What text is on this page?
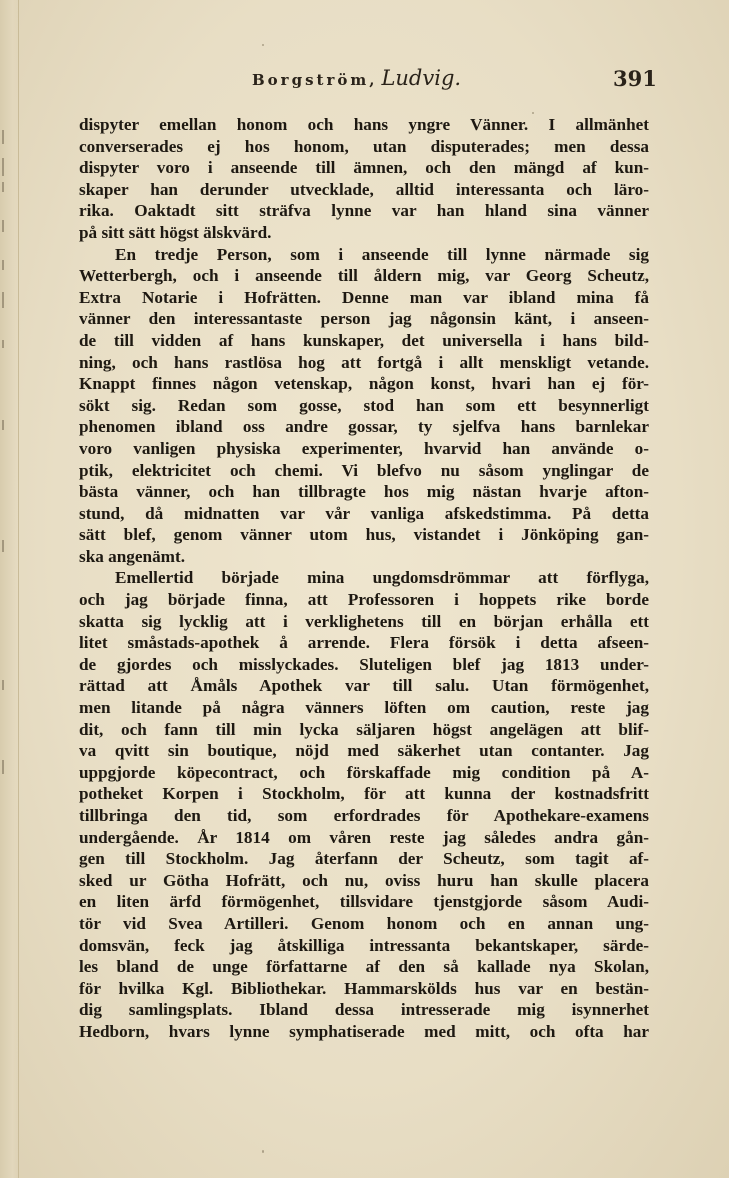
Borgström, Ludvig.	391
dispyter emellan honom och hans yngre Vänner. I allmänhet
converserades ej hos honom, utan disputerades; men dessa
dispyter voro i anseende till ämnen, och den mängd af kun-
skaper han derunder utvecklade, alltid interessanta och läro-
rika. Oaktadt sitt sträfva lynne var han hland sina vänner
på sitt sätt högst älskvärd.
En tredje Person, som i anseende till lynne närmade sig
Wetterbergh, och i anseende till åldern mig, var Georg Scheutz,
Extra Notarie i Hofrätten. Denne man var ibland mina få
vänner den interessantaste person jag någonsin känt, i anseen-
de till vidden af hans kunskaper, det universella i hans bild-
ning, och hans rastlösa hog att fortgå i allt menskligt vetande.
Knappt finnes någon vetenskap, någon konst, hvari han ej för-
sökt sig. Redan som gosse, stod han som ett besynnerligt
phenomen ibland oss andre gossar, ty sjelfva hans barnlekar
voro vanligen physiska experimenter, hvarvid han använde o-
ptik, elektricitet och chemi. Vi blefvo nu såsom ynglingar de
bästa vänner, och han tillbragte hos mig nästan hvarje afton-
stund, då midnatten var vår vanliga afskedstimma. På detta
sätt blef, genom vänner utom hus, vistandet i Jönköping gan-
ska angenämt.
Emellertid började mina ungdomsdrömmar att förflyga,
och jag började finna, att Professoren i hoppets rike borde
skatta sig lycklig att i verklighetens till en början erhålla ett
litet småstads-apothek å arrende. Flera försök i detta afseen-
de gjordes och misslyckades. Sluteligen blef jag 1813 under-
rättad att Åmåls Apothek var till salu. Utan förmögenhet,
men litande på några vänners löften om caution, reste jag
dit, och fann till min lycka säljaren högst angelägen att blif-
va qvitt sin boutique, nöjd med säkerhet utan contanter. Jag
uppgjorde köpecontract, och förskaffade mig condition på A-
potheket Korpen i Stockholm, för att kunna der kostnadsfritt
tillbringa den tid, som erfordrades för Apothekare-examens
undergående. År 1814 om våren reste jag således andra gån-
gen till Stockholm. Jag återfann der Scheutz, som tagit af-
sked ur Götha Hofrätt, och nu, oviss huru han skulle placera
en liten ärfd förmögenhet, tillsvidare tjenstgjorde såsom Audi-
tör vid Svea Artilleri. Genom honom och en annan ung-
domsvän, feck jag åtskilliga intressanta bekantskaper, särde-
les bland de unge författarne af den så kallade nya Skolan,
för hvilka Kgl. Bibliothekar. Hammarskölds hus var en bestän-
dig samlingsplats. Ibland dessa intresserade mig isynnerhet
Hedborn, hvars lynne symphatiserade med mitt, och ofta har
